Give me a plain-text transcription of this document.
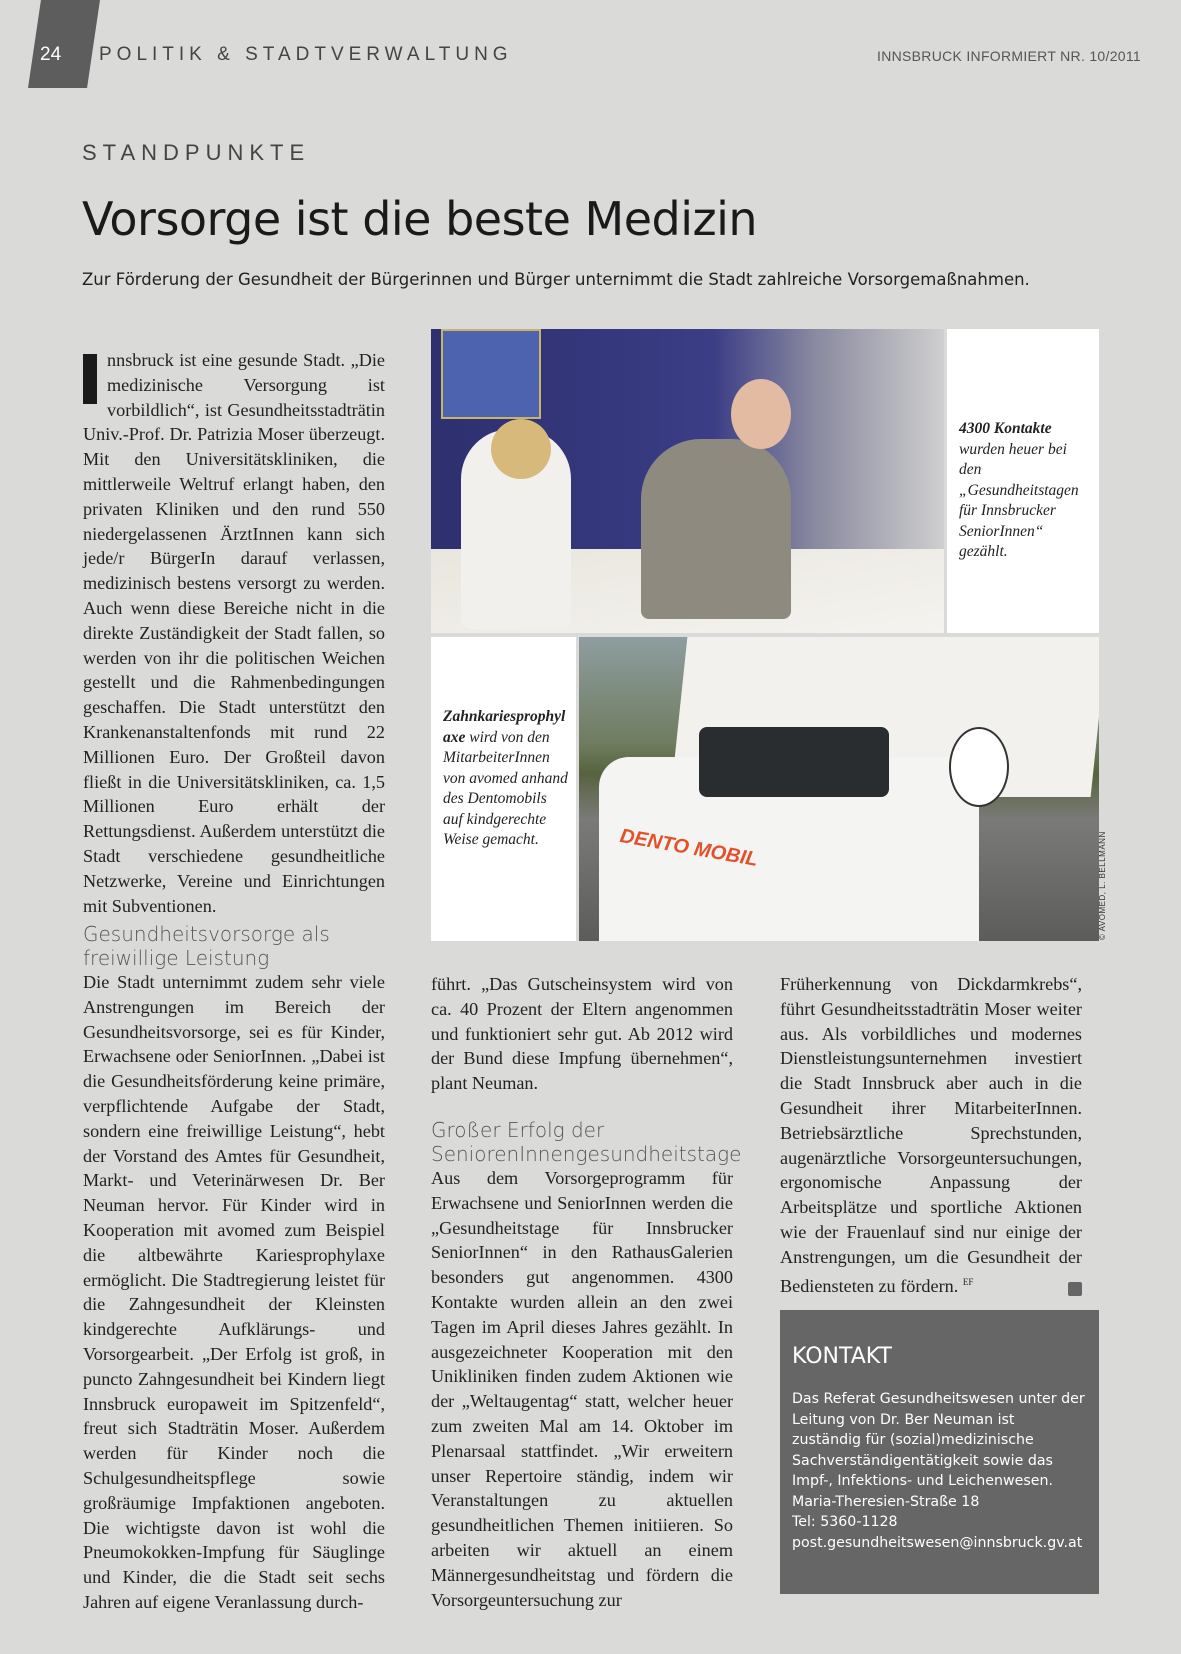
24 POLITIK & STADTVERWALTUNG	INNSBRUCK INFORMIERT NR. 10/2011
STANDPUNKTE
Vorsorge ist die beste Medizin
Zur Förderung der Gesundheit der Bürgerinnen und Bürger unternimmt die Stadt zahlreiche Vorsorgemaßnahmen.

nnsbruck ist eine gesunde Stadt. „Die medizinische Versorgung ist vorbildlich“, ist Gesundheitsstadträtin Univ.-Prof. Dr. Patrizia Moser überzeugt. Mit den Universitätskliniken, die mittlerweile Weltruf erlangt haben, den privaten Kliniken und den rund 550 niedergelassenen ÄrztInnen kann sich jede/r BürgerIn darauf verlassen, medizinisch bestens versorgt zu werden. Auch wenn diese Bereiche nicht in die direkte Zuständigkeit der Stadt fallen, so werden von ihr die politischen Weichen gestellt und die Rahmenbedingungen geschaffen. Die Stadt unterstützt den Krankenanstaltenfonds mit rund 22 Millionen Euro. Der Großteil davon fließt in die Universitätskliniken, ca. 1,5 Millionen Euro erhält der Rettungsdienst. Außerdem unterstützt die Stadt verschiedene gesundheitliche Netzwerke, Vereine und Einrichtungen mit Subventionen.

Gesundheitsvorsorge als freiwillige Leistung

Die Stadt unternimmt zudem sehr viele Anstrengungen im Bereich der Gesundheitsvorsorge, sei es für Kinder, Erwachsene oder SeniorInnen. „Dabei ist die Gesundheitsförderung keine primäre, verpflichtende Aufgabe der Stadt, sondern eine freiwillige Leistung“, hebt der Vorstand des Amtes für Gesundheit, Markt- und Veterinärwesen Dr. Ber Neuman hervor. Für Kinder wird in Kooperation mit avomed zum Beispiel die altbewährte Kariesprophylaxe ermöglicht. Die Stadtregierung leistet für die Zahngesundheit der Kleinsten kindgerechte Aufklärungs- und Vorsorgearbeit. „Der Erfolg ist groß, in puncto Zahngesundheit bei Kindern liegt Innsbruck europaweit im Spitzenfeld“, freut sich Stadträtin Moser. Außerdem werden für Kinder noch die Schulgesundheitspflege sowie großräumige Impfaktionen angeboten. Die wichtigste davon ist wohl die Pneumokokken-Impfung für Säuglinge und Kinder, die die Stadt seit sechs Jahren auf eigene Veranlassung durch-

führt. „Das Gutscheinsystem wird von ca. 40 Prozent der Eltern angenommen und funktioniert sehr gut. Ab 2012 wird der Bund diese Impfung übernehmen“, plant Neuman.

Großer Erfolg der SeniorenInnengesundheitstage

Aus dem Vorsorgeprogramm für Erwachsene und SeniorInnen werden die „Gesundheitstage für Innsbrucker SeniorInnen“ in den RathausGalerien besonders gut angenommen. 4300 Kontakte wurden allein an den zwei Tagen im April dieses Jahres gezählt. In ausgezeichneter Kooperation mit den Unikliniken finden zudem Aktionen wie der „Weltaugentag“ statt, welcher heuer zum zweiten Mal am 14. Oktober im Plenarsaal stattfindet. „Wir erweitern unser Repertoire ständig, indem wir Veranstaltungen zu aktuellen gesundheitlichen Themen initiieren. So arbeiten wir aktuell an einem Männergesundheitstag und fördern die Vorsorgeuntersuchung zur

Früherkennung von Dickdarmkrebs“, führt Gesundheitsstadträtin Moser weiter aus. Als vorbildliches und modernes Dienstleistungsunternehmen investiert die Stadt Innsbruck aber auch in die Gesundheit ihrer MitarbeiterInnen. Betriebsärztliche Sprechstunden, augenärztliche Vorsorgeuntersuchungen, ergonomische Anpassung der Arbeitsplätze und sportliche Aktionen wie der Frauenlauf sind nur einige der Anstrengungen, um die Gesundheit der Bediensteten zu fördern. $^{EF}$

4300 Kontakte wurden heuer bei den „Gesundheitstagen für Innsbrucker SeniorInnen“ gezählt.
Zahnkariesprophylaxe wird von den MitarbeiterInnen von avomed anhand des Dentomobils auf kindgerechte Weise gemacht.	DENTO MOBIL	© AVOMED, L. BELLMANN
KONTAKT
Das Referat Gesundheitswesen unter der Leitung von Dr. Ber Neuman ist zuständig für (sozial)medizinische Sachverständigentätigkeit sowie das Impf-, Infektions- und Leichenwesen.
Maria-Theresien-Straße 18
Tel: 5360-1128
post.gesundheitswesen@innsbruck.gv.at
